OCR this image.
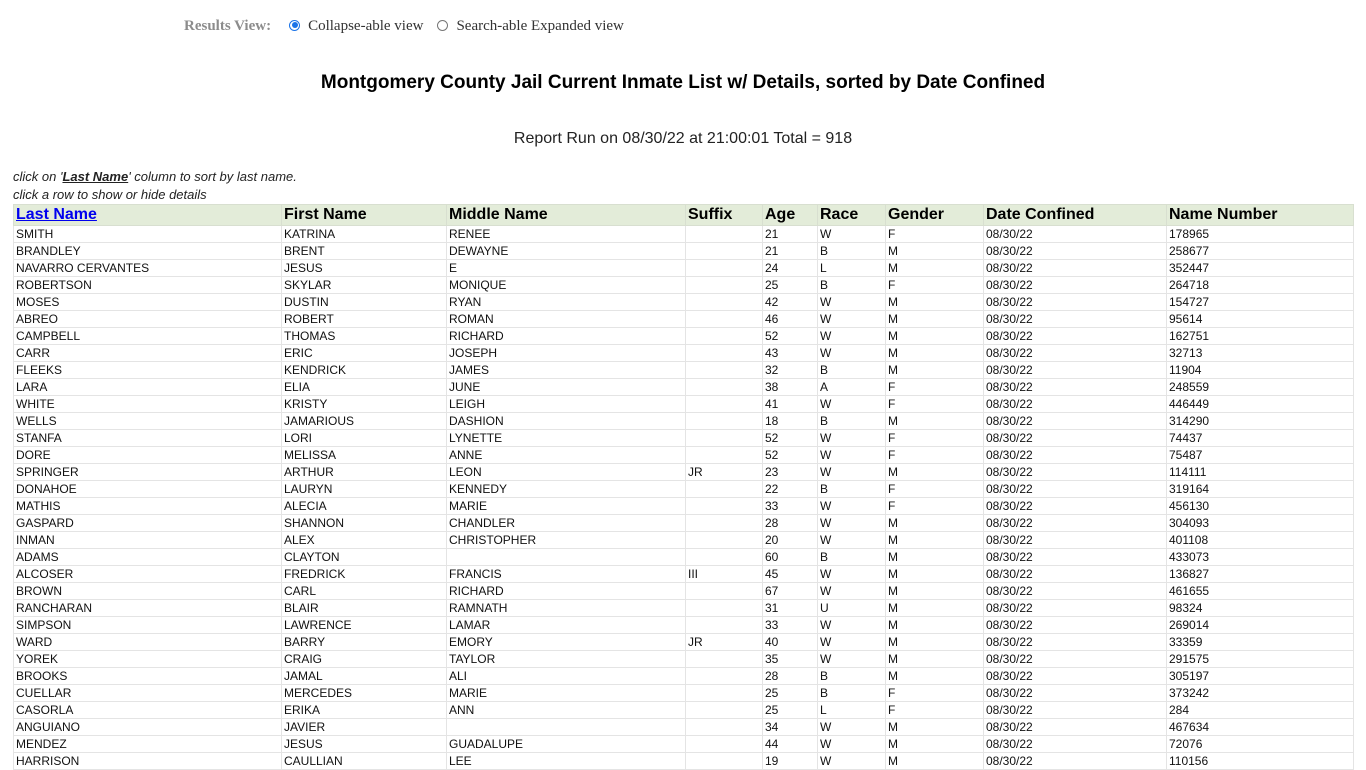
Results View: Collapse-able view Search-able Expanded view
Montgomery County Jail Current Inmate List w/ Details, sorted by Date Confined
Report Run on 08/30/22 at 21:00:01 Total = 918
click on 'Last Name' column to sort by last name.
click a row to show or hide details
Last Name	First Name	Middle Name	Suffix	Age	Race	Gender	Date Confined	Name Number
SMITH	KATRINA	RENEE		21	W	F	08/30/22	178965
BRANDLEY	BRENT	DEWAYNE		21	B	M	08/30/22	258677
NAVARRO CERVANTES	JESUS	E		24	L	M	08/30/22	352447
ROBERTSON	SKYLAR	MONIQUE		25	B	F	08/30/22	264718
MOSES	DUSTIN	RYAN		42	W	M	08/30/22	154727
ABREO	ROBERT	ROMAN		46	W	M	08/30/22	95614
CAMPBELL	THOMAS	RICHARD		52	W	M	08/30/22	162751
CARR	ERIC	JOSEPH		43	W	M	08/30/22	32713
FLEEKS	KENDRICK	JAMES		32	B	M	08/30/22	11904
LARA	ELIA	JUNE		38	A	F	08/30/22	248559
WHITE	KRISTY	LEIGH		41	W	F	08/30/22	446449
WELLS	JAMARIOUS	DASHION		18	B	M	08/30/22	314290
STANFA	LORI	LYNETTE		52	W	F	08/30/22	74437
DORE	MELISSA	ANNE		52	W	F	08/30/22	75487
SPRINGER	ARTHUR	LEON	JR	23	W	M	08/30/22	114111
DONAHOE	LAURYN	KENNEDY		22	B	F	08/30/22	319164
MATHIS	ALECIA	MARIE		33	W	F	08/30/22	456130
GASPARD	SHANNON	CHANDLER		28	W	M	08/30/22	304093
INMAN	ALEX	CHRISTOPHER		20	W	M	08/30/22	401108
ADAMS	CLAYTON			60	B	M	08/30/22	433073
ALCOSER	FREDRICK	FRANCIS	III	45	W	M	08/30/22	136827
BROWN	CARL	RICHARD		67	W	M	08/30/22	461655
RANCHARAN	BLAIR	RAMNATH		31	U	M	08/30/22	98324
SIMPSON	LAWRENCE	LAMAR		33	W	M	08/30/22	269014
WARD	BARRY	EMORY	JR	40	W	M	08/30/22	33359
YOREK	CRAIG	TAYLOR		35	W	M	08/30/22	291575
BROOKS	JAMAL	ALI		28	B	M	08/30/22	305197
CUELLAR	MERCEDES	MARIE		25	B	F	08/30/22	373242
CASORLA	ERIKA	ANN		25	L	F	08/30/22	284
ANGUIANO	JAVIER			34	W	M	08/30/22	467634
MENDEZ	JESUS	GUADALUPE		44	W	M	08/30/22	72076
HARRISON	CAULLIAN	LEE		19	W	M	08/30/22	110156
